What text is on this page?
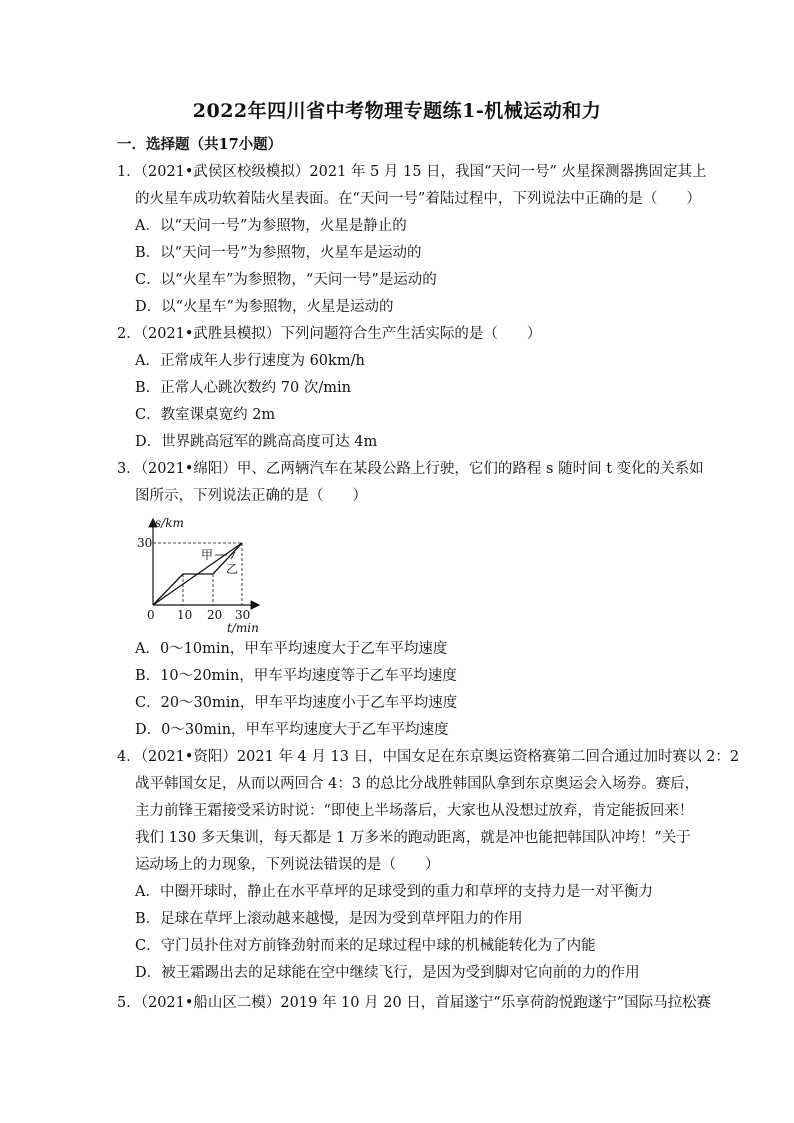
2022年四川省中考物理专题练1-机械运动和力
一．选择题（共17小题）
1．（2021•武侯区校级模拟）2021 年 5 月 15 日，我国“天问一号” 火星探测器携固定其上
的火星车成功软着陆火星表面。在“天问一号”着陆过程中，下列说法中正确的是（　　）
A．以“天问一号”为参照物，火星是静止的
B．以“天问一号”为参照物，火星车是运动的
C．以“火星车”为参照物，“天问一号”是运动的
D．以“火星车”为参照物，火星是运动的
2．（2021•武胜县模拟）下列问题符合生产生活实际的是（　　）
A．正常成年人步行速度为 60km/h
B．正常人心跳次数约 70 次/min
C．教室课桌宽约 2m
D．世界跳高冠军的跳高高度可达 4m
3．（2021•绵阳）甲、乙两辆汽车在某段公路上行驶，它们的路程 s 随时间 t 变化的关系如
图所示，下列说法正确的是（　　）
s/km
30
0 10 20 30
t/min
甲
乙
A．0～10min，甲车平均速度大于乙车平均速度
B．10～20min，甲车平均速度等于乙车平均速度
C．20～30min，甲车平均速度小于乙车平均速度
D．0～30min，甲车平均速度大于乙车平均速度
4．（2021•资阳）2021 年 4 月 13 日，中国女足在东京奥运资格赛第二回合通过加时赛以 2：2
战平韩国女足，从而以两回合 4：3 的总比分战胜韩国队拿到东京奥运会入场券。赛后，
主力前锋王霜接受采访时说：“即使上半场落后，大家也从没想过放弃，肯定能扳回来！
我们 130 多天集训，每天都是 1 万多米的跑动距离，就是冲也能把韩国队冲垮！”关于
运动场上的力现象，下列说法错误的是（　　）
A．中圈开球时，静止在水平草坪的足球受到的重力和草坪的支持力是一对平衡力
B．足球在草坪上滚动越来越慢，是因为受到草坪阻力的作用
C．守门员扑住对方前锋劲射而来的足球过程中球的机械能转化为了内能
D．被王霜踢出去的足球能在空中继续飞行，是因为受到脚对它向前的力的作用
5．（2021•船山区二模）2019 年 10 月 20 日，首届遂宁“乐享荷韵悦跑遂宁”国际马拉松赛
